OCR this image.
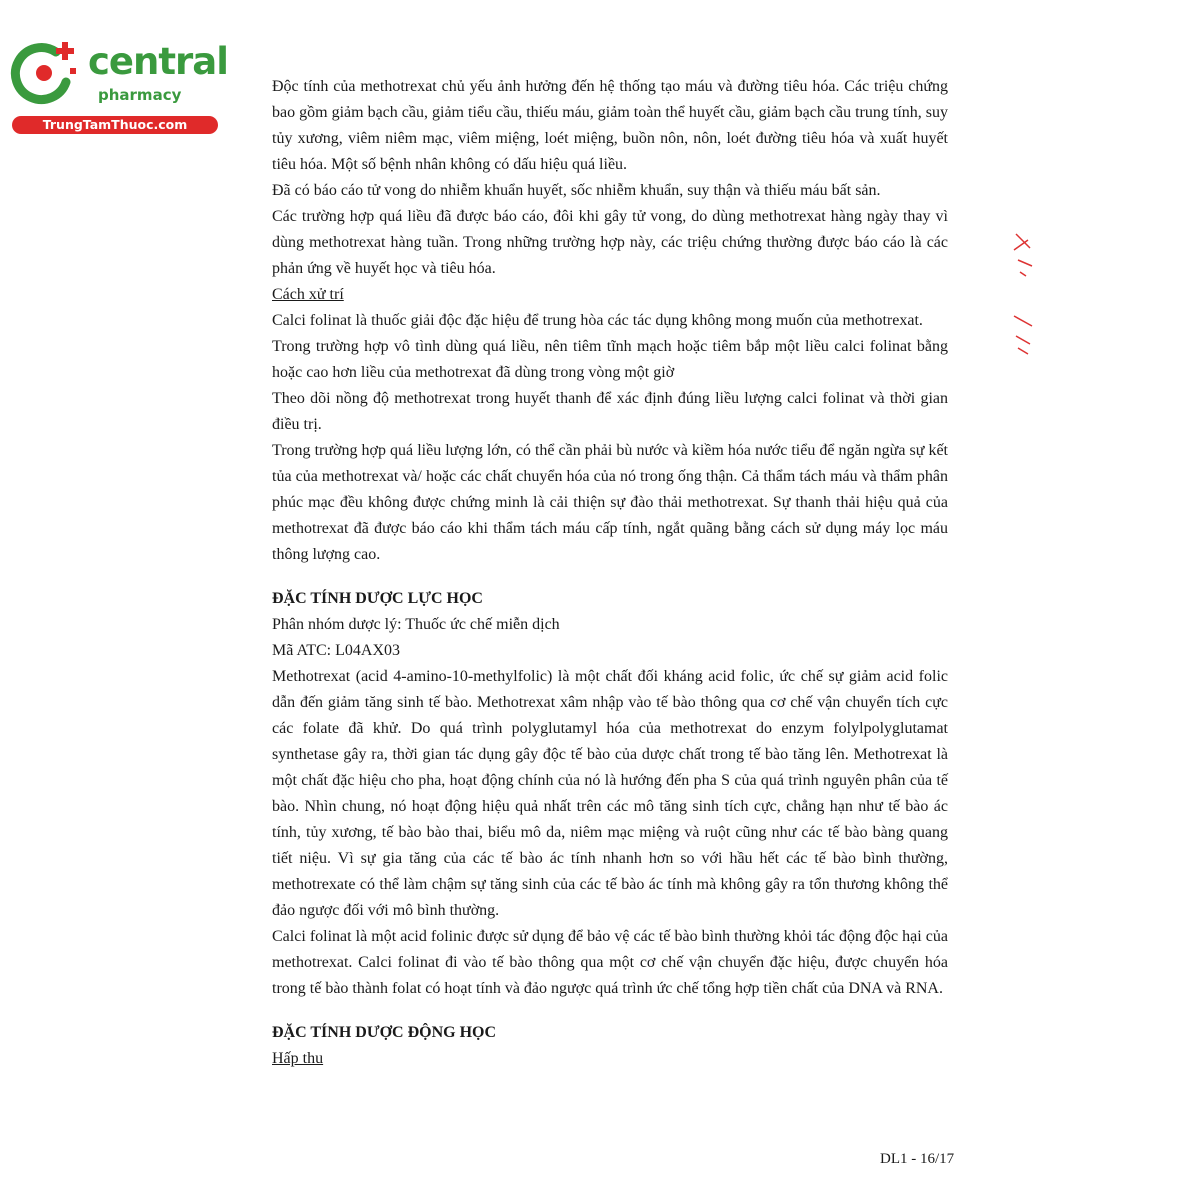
central
pharmacy
TrungTamThuoc.com

Độc tính của methotrexat chủ yếu ảnh hưởng đến hệ thống tạo máu và đường tiêu hóa. Các triệu chứng bao gồm giảm bạch cầu, giảm tiểu cầu, thiếu máu, giảm toàn thể huyết cầu, giảm bạch cầu trung tính, suy tủy xương, viêm niêm mạc, viêm miệng, loét miệng, buồn nôn, nôn, loét đường tiêu hóa và xuất huyết tiêu hóa. Một số bệnh nhân không có dấu hiệu quá liều.

Đã có báo cáo tử vong do nhiễm khuẩn huyết, sốc nhiễm khuẩn, suy thận và thiếu máu bất sản.

Các trường hợp quá liều đã được báo cáo, đôi khi gây tử vong, do dùng methotrexat hàng ngày thay vì dùng methotrexat hàng tuần. Trong những trường hợp này, các triệu chứng thường được báo cáo là các phản ứng về huyết học và tiêu hóa.

Cách xử trí

Calci folinat là thuốc giải độc đặc hiệu để trung hòa các tác dụng không mong muốn của methotrexat.

Trong trường hợp vô tình dùng quá liều, nên tiêm tĩnh mạch hoặc tiêm bắp một liều calci folinat bằng hoặc cao hơn liều của methotrexat đã dùng trong vòng một giờ

Theo dõi nồng độ methotrexat trong huyết thanh để xác định đúng liều lượng calci folinat và thời gian điều trị.

Trong trường hợp quá liều lượng lớn, có thể cần phải bù nước và kiềm hóa nước tiểu để ngăn ngừa sự kết tủa của methotrexat và/ hoặc các chất chuyển hóa của nó trong ống thận. Cả thẩm tách máu và thẩm phân phúc mạc đều không được chứng minh là cải thiện sự đào thải methotrexat. Sự thanh thải hiệu quả của methotrexat đã được báo cáo khi thẩm tách máu cấp tính, ngắt quãng bằng cách sử dụng máy lọc máu thông lượng cao.

ĐẶC TÍNH DƯỢC LỰC HỌC

Phân nhóm dược lý: Thuốc ức chế miễn dịch

Mã ATC: L04AX03

Methotrexat (acid 4-amino-10-methylfolic) là một chất đối kháng acid folic, ức chế sự giảm acid folic dẫn đến giảm tăng sinh tế bào. Methotrexat xâm nhập vào tế bào thông qua cơ chế vận chuyển tích cực các folate đã khử. Do quá trình polyglutamyl hóa của methotrexat do enzym folylpolyglutamat synthetase gây ra, thời gian tác dụng gây độc tế bào của dược chất trong tế bào tăng lên. Methotrexat là một chất đặc hiệu cho pha, hoạt động chính của nó là hướng đến pha S của quá trình nguyên phân của tế bào. Nhìn chung, nó hoạt động hiệu quả nhất trên các mô tăng sinh tích cực, chẳng hạn như tế bào ác tính, tủy xương, tế bào bào thai, biểu mô da, niêm mạc miệng và ruột cũng như các tế bào bàng quang tiết niệu. Vì sự gia tăng của các tế bào ác tính nhanh hơn so với hầu hết các tế bào bình thường, methotrexate có thể làm chậm sự tăng sinh của các tế bào ác tính mà không gây ra tổn thương không thể đảo ngược đối với mô bình thường.

Calci folinat là một acid folinic được sử dụng để bảo vệ các tế bào bình thường khỏi tác động độc hại của methotrexat. Calci folinat đi vào tế bào thông qua một cơ chế vận chuyển đặc hiệu, được chuyển hóa trong tế bào thành folat có hoạt tính và đảo ngược quá trình ức chế tổng hợp tiền chất của DNA và RNA.

ĐẶC TÍNH DƯỢC ĐỘNG HỌC

Hấp thu

DL1 - 16/17
